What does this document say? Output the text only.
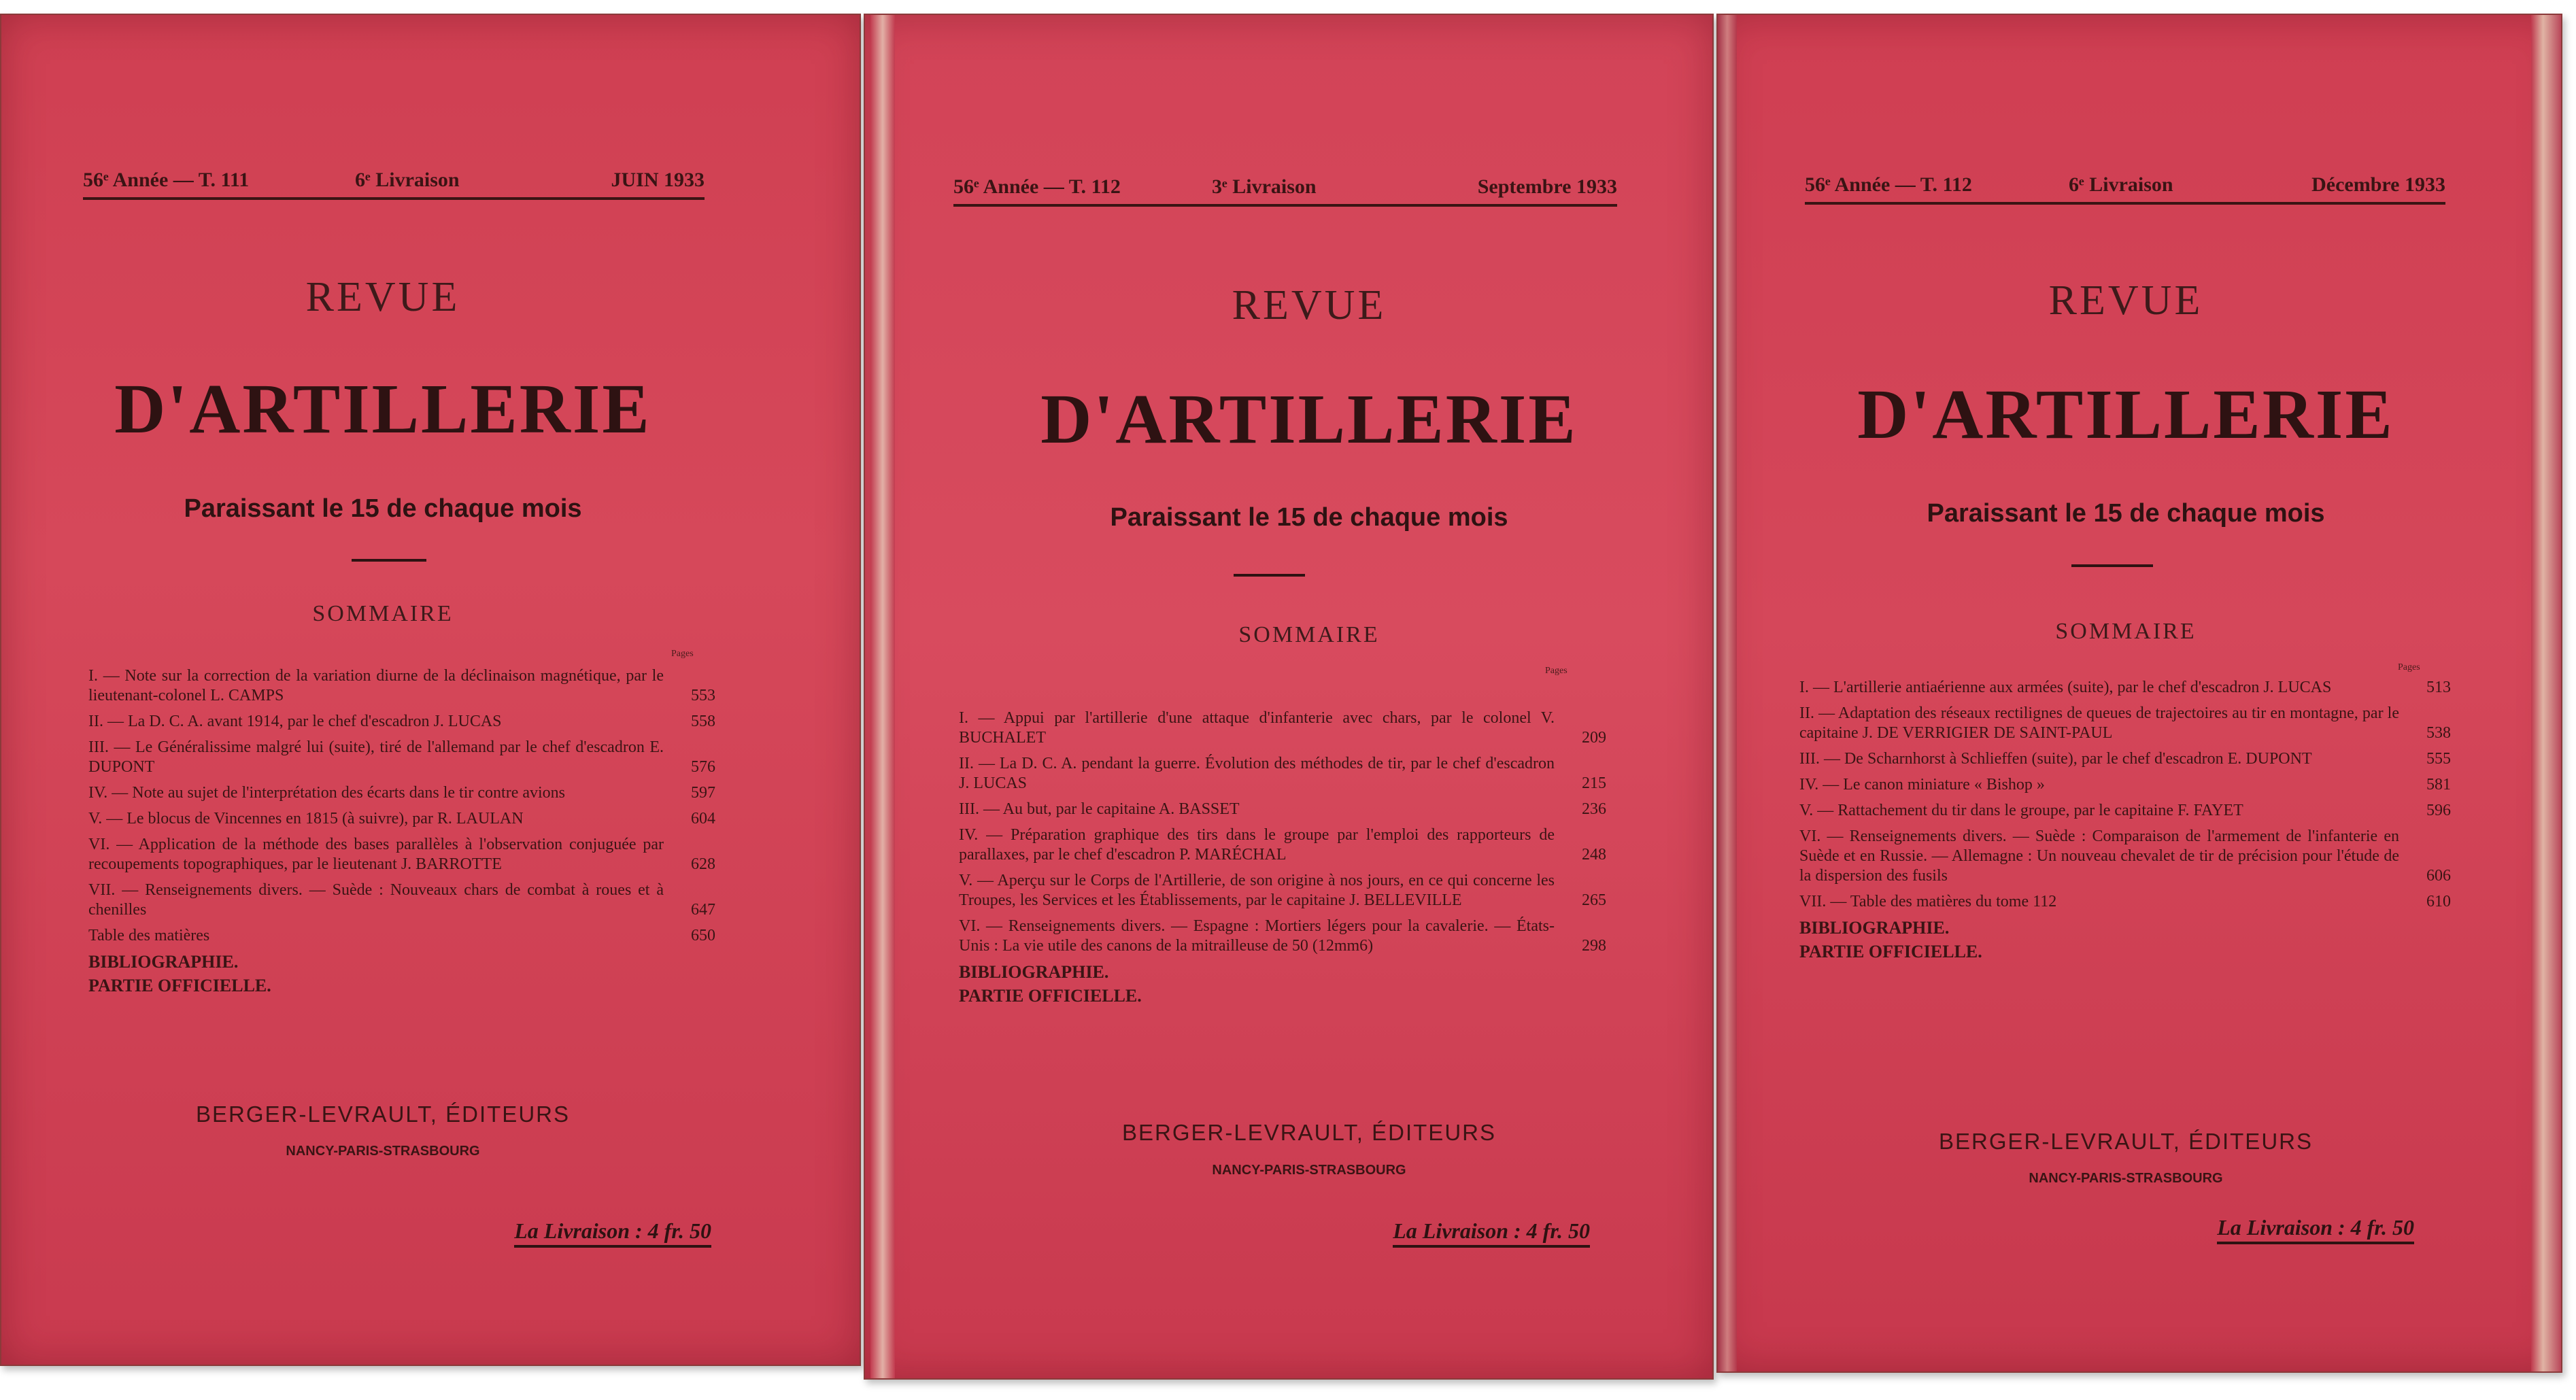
56ᵉ Année — T. 111	6ᵉ Livraison	JUIN 1933
REVUE
D'ARTILLERIE
Paraissant le 15 de chaque mois
SOMMAIRE
Pages
I. — Note sur la correction de la variation diurne de la déclinaison magnétique, par le lieutenant-colonel L. CAMPS	553
II. — La D. C. A. avant 1914, par le chef d'escadron J. LUCAS	558
III. — Le Généralissime malgré lui (suite), tiré de l'allemand par le chef d'escadron E. DUPONT	576
IV. — Note au sujet de l'interprétation des écarts dans le tir contre avions	597
V. — Le blocus de Vincennes en 1815 (à suivre), par R. LAULAN	604
VI. — Application de la méthode des bases parallèles à l'observation conjuguée par recoupements topographiques, par le lieutenant J. BARROTTE	628
VII. — Renseignements divers. — Suède : Nouveaux chars de combat à roues et à chenilles	647
Table des matières	650
BIBLIOGRAPHIE.
PARTIE OFFICIELLE.
BERGER-LEVRAULT, ÉDITEURS
NANCY-PARIS-STRASBOURG
La Livraison : 4 fr. 50
56ᵉ Année — T. 112	3ᵉ Livraison	Septembre 1933
REVUE
D'ARTILLERIE
Paraissant le 15 de chaque mois
SOMMAIRE
Pages
I. — Appui par l'artillerie d'une attaque d'infanterie avec chars, par le colonel V. BUCHALET	209
II. — La D. C. A. pendant la guerre. Évolution des méthodes de tir, par le chef d'escadron J. LUCAS	215
III. — Au but, par le capitaine A. BASSET	236
IV. — Préparation graphique des tirs dans le groupe par l'emploi des rapporteurs de parallaxes, par le chef d'escadron P. MARÉCHAL	248
V. — Aperçu sur le Corps de l'Artillerie, de son origine à nos jours, en ce qui concerne les Troupes, les Services et les Établissements, par le capitaine J. BELLEVILLE	265
VI. — Renseignements divers. — Espagne : Mortiers légers pour la cavalerie. — États-Unis : La vie utile des canons de la mitrailleuse de 50 (12mm6)	298
BIBLIOGRAPHIE.
PARTIE OFFICIELLE.
BERGER-LEVRAULT, ÉDITEURS
NANCY-PARIS-STRASBOURG
La Livraison : 4 fr. 50
56ᵉ Année — T. 112	6ᵉ Livraison	Décembre 1933
REVUE
D'ARTILLERIE
Paraissant le 15 de chaque mois
SOMMAIRE
Pages
I. — L'artillerie antiaérienne aux armées (suite), par le chef d'escadron J. LUCAS	513
II. — Adaptation des réseaux rectilignes de queues de trajectoires au tir en montagne, par le capitaine J. DE VERRIGIER DE SAINT-PAUL	538
III. — De Scharnhorst à Schlieffen (suite), par le chef d'escadron E. DUPONT	555
IV. — Le canon miniature « Bishop »	581
V. — Rattachement du tir dans le groupe, par le capitaine F. FAYET	596
VI. — Renseignements divers. — Suède : Comparaison de l'armement de l'infanterie en Suède et en Russie. — Allemagne : Un nouveau chevalet de tir de précision pour l'étude de la dispersion des fusils	606
VII. — Table des matières du tome 112	610
BIBLIOGRAPHIE.
PARTIE OFFICIELLE.
BERGER-LEVRAULT, ÉDITEURS
NANCY-PARIS-STRASBOURG
La Livraison : 4 fr. 50
